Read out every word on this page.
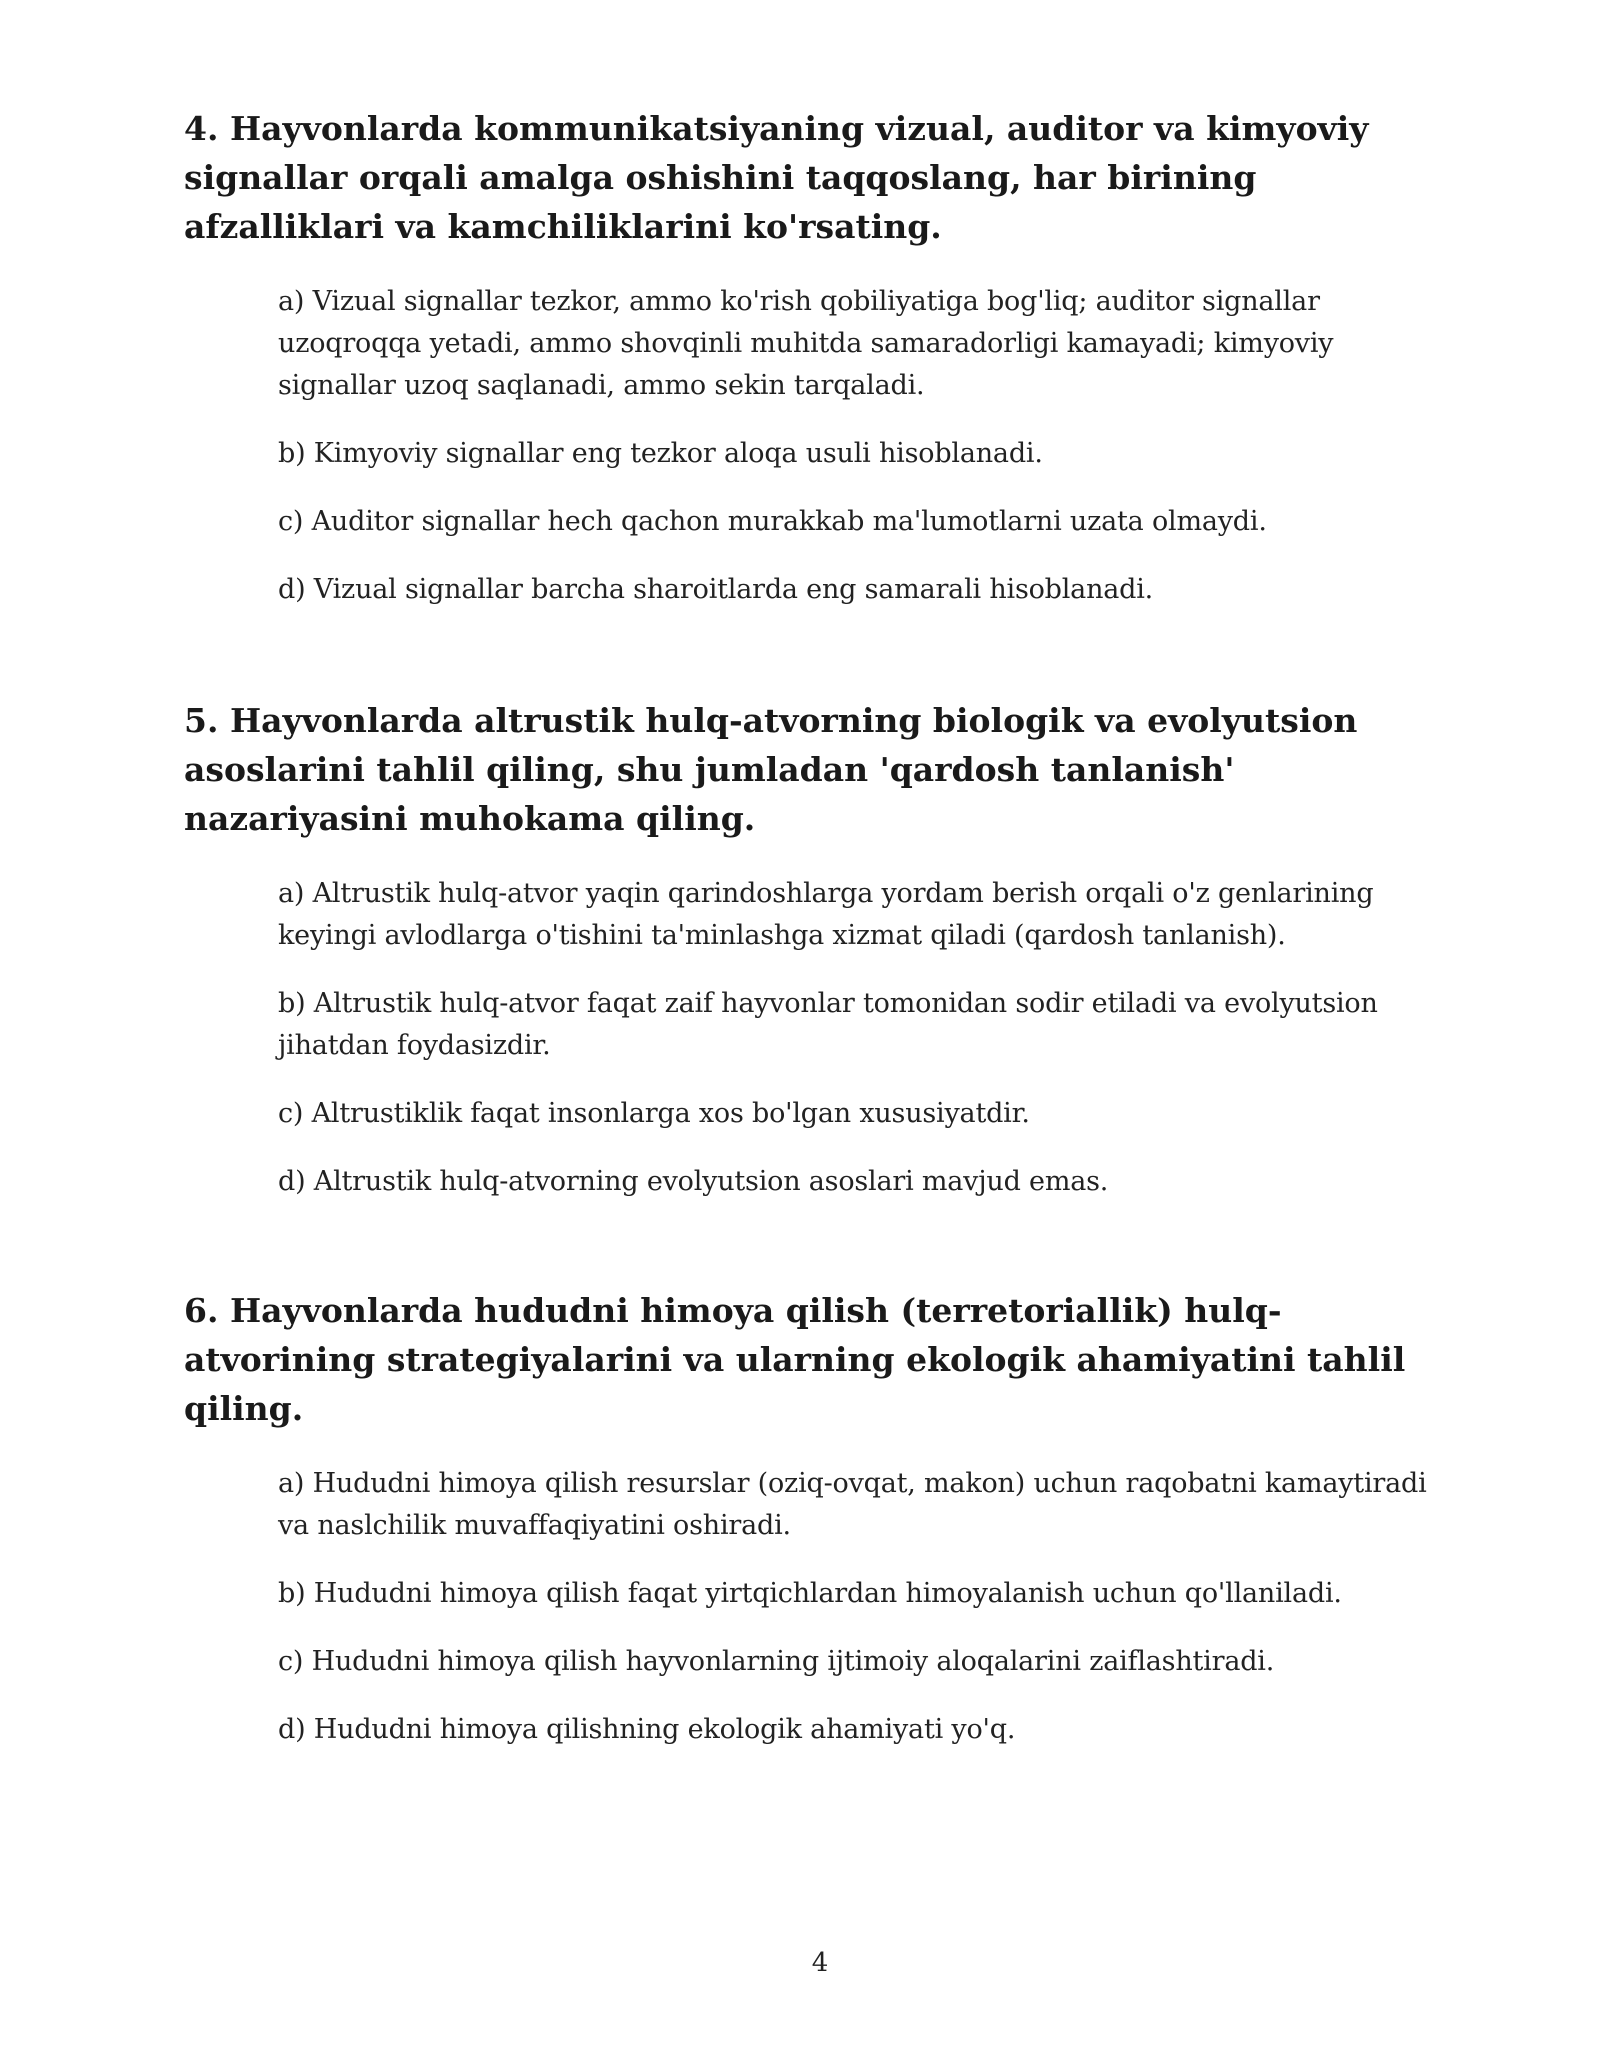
4. Hayvonlarda kommunikatsiyaning vizual, auditor va kimyoviy signallar orqali amalga oshishini taqqoslang, har birining afzalliklari va kamchiliklarini ko'rsating.
a) Vizual signallar tezkor, ammo ko'rish qobiliyatiga bog'liq; auditor signallar uzoqroqqa yetadi, ammo shovqinli muhitda samaradorligi kamayadi; kimyoviy signallar uzoq saqlanadi, ammo sekin tarqaladi.
b) Kimyoviy signallar eng tezkor aloqa usuli hisoblanadi.
c) Auditor signallar hech qachon murakkab ma'lumotlarni uzata olmaydi.
d) Vizual signallar barcha sharoitlarda eng samarali hisoblanadi.
5. Hayvonlarda altrustik hulq-atvorning biologik va evolyutsion asoslarini tahlil qiling, shu jumladan 'qardosh tanlanish' nazariyasini muhokama qiling.
a) Altrustik hulq-atvor yaqin qarindoshlarga yordam berish orqali o'z genlarining keyingi avlodlarga o'tishini ta'minlashga xizmat qiladi (qardosh tanlanish).
b) Altrustik hulq-atvor faqat zaif hayvonlar tomonidan sodir etiladi va evolyutsion jihatdan foydasizdir.
c) Altrustiklik faqat insonlarga xos bo'lgan xususiyatdir.
d) Altrustik hulq-atvorning evolyutsion asoslari mavjud emas.
6. Hayvonlarda hududni himoya qilish (terretoriallik) hulq-atvorining strategiyalarini va ularning ekologik ahamiyatini tahlil qiling.
a) Hududni himoya qilish resurslar (oziq-ovqat, makon) uchun raqobatni kamaytiradi va naslchilik muvaffaqiyatini oshiradi.
b) Hududni himoya qilish faqat yirtqichlardan himoyalanish uchun qo'llaniladi.
c) Hududni himoya qilish hayvonlarning ijtimoiy aloqalarini zaiflashtiradi.
d) Hududni himoya qilishning ekologik ahamiyati yo'q.
4
